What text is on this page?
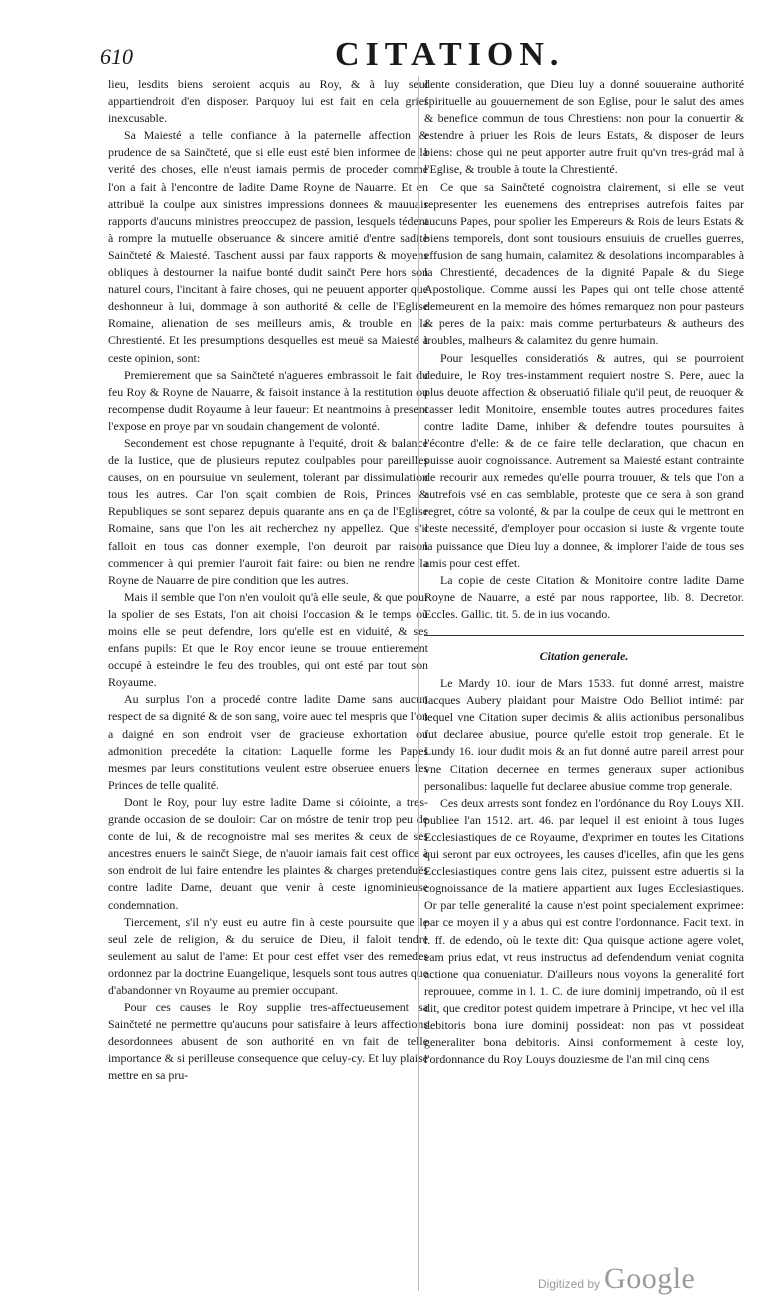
610	CITATION.

lieu, lesdits biens seroient acquis au Roy, & à luy seul appartiendroit d'en disposer. Parquoy lui est fait en cela grief inexcusable.

Sa Maiesté a telle confiance à la paternelle affection & prudence de sa Sainčteté, que si elle eust esté bien informee de la verité des choses, elle n'eust iamais permis de proceder comme l'on a fait à l'encontre de ladite Dame Royne de Nauarre. Et en attribuë la coulpe aux sinistres impressions donnees & mauuais rapports d'aucuns ministres preoccupez de passion, lesquels tédent à rompre la mutuelle obseruance & sincere amitié d'entre sadite Sainčteté & Maiesté. Taschent aussi par faux rapports & moyens obliques à destourner la naifue bonté dudit sainčt Pere hors son naturel cours, l'incitant à faire choses, qui ne peuuent apporter que deshonneur à lui, dommage à son authorité & celle de l'Eglise Romaine, alienation de ses meilleurs amis, & trouble en la Chrestienté. Et les presumptions desquelles est meuë sa Maiesté à ceste opinion, sont:

Premierement que sa Sainčteté n'agueres embrassoit le fait du feu Roy & Royne de Nauarre, & faisoit instance à la restitution ou recompense dudit Royaume à leur faueur: Et neantmoins à present l'expose en proye par vn soudain changement de volonté.

Secondement est chose repugnante à l'equité, droit & balance de la Iustice, que de plusieurs reputez coulpables pour pareilles causes, on en poursuiue vn seulement, tolerant par dissimulation tous les autres. Car l'on sçait combien de Rois, Princes & Republiques se sont separez depuis quarante ans en ça de l'Eglise Romaine, sans que l'on les ait recherchez ny appellez. Que s'il falloit en tous cas donner exemple, l'on deuroit par raison commencer à qui premier l'auroit fait faire: ou bien ne rendre la Royne de Nauarre de pire condition que les autres.

Mais il semble que l'on n'en vouloit qu'à elle seule, & que pour la spolier de ses Estats, l'on ait choisi l'occasion & le temps où moins elle se peut defendre, lors qu'elle est en viduité, & ses enfans pupils: Et que le Roy encor ieune se trouue entierement occupé à esteindre le feu des troubles, qui ont esté par tout son Royaume.

Au surplus l'on a procedé contre ladite Dame sans aucun respect de sa dignité & de son sang, voire auec tel mespris que l'on a daigné en son endroit vser de gracieuse exhortation ou admonition precedéte la citation: Laquelle forme les Papes mesmes par leurs constitutions veulent estre obseruee enuers les Princes de telle qualité.

Dont le Roy, pour luy estre ladite Dame si cóiointe, a tres-grande occasion de se douloir: Car on móstre de tenir trop peu de conte de lui, & de recognoistre mal ses merites & ceux de ses ancestres enuers le sainčt Siege, de n'auoir iamais fait cest office à son endroit de lui faire entendre les plaintes & charges pretenduës contre ladite Dame, deuant que venir à ceste ignominieuse condemnation.

Tiercement, s'il n'y eust eu autre fin à ceste poursuite que le seul zele de religion, & du seruice de Dieu, il faloit tendre seulement au salut de l'ame: Et pour cest effet vser des remedes ordonnez par la doctrine Euangelique, lesquels sont tous autres que d'abandonner vn Royaume au premier occupant.

Pour ces causes le Roy supplie tres-affectueusement sa Sainčteté ne permettre qu'aucuns pour satisfaire à leurs affections desordonnees abusent de son authorité en vn fait de telle importance & si perilleuse consequence que celuy-cy. Et luy plaise mettre en sa pru-

dente consideration, que Dieu luy a donné souueraine authorité spirituelle au gouuernement de son Eglise, pour le salut des ames & benefice commun de tous Chrestiens: non pour la conuertir & estendre à priuer les Rois de leurs Estats, & disposer de leurs biens: chose qui ne peut apporter autre fruit qu'vn tres-grád mal à l'Eglise, & trouble à toute la Chrestienté.

Ce que sa Sainčteté cognoistra clairement, si elle se veut representer les euenemens des entreprises autrefois faites par aucuns Papes, pour spolier les Empereurs & Rois de leurs Estats & biens temporels, dont sont tousiours ensuiuis de cruelles guerres, effusion de sang humain, calamitez & desolations incomparables à la Chrestienté, decadences de la dignité Papale & du Siege Apostolique. Comme aussi les Papes qui ont telle chose attenté demeurent en la memoire des hómes remarquez non pour pasteurs & peres de la paix: mais comme perturbateurs & autheurs des troubles, malheurs & calamitez du genre humain.

Pour lesquelles consideratiós & autres, qui se pourroient deduire, le Roy tres-instamment requiert nostre S. Pere, auec la plus deuote affection & obseruatió filiale qu'il peut, de reuoquer & casser ledit Monitoire, ensemble toutes autres procedures faites contre ladite Dame, inhiber & defendre toutes poursuites à l'écontre d'elle: & de ce faire telle declaration, que chacun en puisse auoir cognoissance. Autrement sa Maiesté estant contrainte de recourir aux remedes qu'elle pourra trouuer, & tels que l'on a autrefois vsé en cas semblable, proteste que ce sera à son grand regret, cótre sa volonté, & par la coulpe de ceux qui le mettront en ceste necessité, d'employer pour occasion si iuste & vrgente toute la puissance que Dieu luy a donnee, & implorer l'aide de tous ses amis pour cest effet.

La copie de ceste Citation & Monitoire contre ladite Dame Royne de Nauarre, a esté par nous rapportee, lib. 8. Decretor. Eccles. Gallic. tit. 5. de in ius vocando.

Citation generale.

Le Mardy 10. iour de Mars 1533. fut donné arrest, maistre Iacques Aubery plaidant pour Maistre Odo Belliot intimé: par lequel vne Citation super decimis & aliis actionibus personalibus fut declaree abusiue, pource qu'elle estoit trop generale. Et le Lundy 16. iour dudit mois & an fut donné autre pareil arrest pour vne Citation decernee en termes generaux super actionibus personalibus: laquelle fut declaree abusiue comme trop generale.

Ces deux arrests sont fondez en l'ordónance du Roy Louys XII. publiee l'an 1512. art. 46. par lequel il est enioint à tous Iuges Ecclesiastiques de ce Royaume, d'exprimer en toutes les Citations qui seront par eux octroyees, les causes d'icelles, afin que les gens Ecclesiastiques contre gens lais citez, puissent estre aduertis si la cognoissance de la matiere appartient aux Iuges Ecclesiastiques. Or par telle generalité la cause n'est point specialement exprimee: par ce moyen il y a abus qui est contre l'ordonnance. Facit text. in l. ff. de edendo, où le texte dit: Qua quisque actione agere volet, eam prius edat, vt reus instructus ad defendendum veniat cognita actione qua conueniatur. D'ailleurs nous voyons la generalité fort reprouuee, comme in l. 1. C. de iure dominij impetrando, où il est dit, que creditor potest quidem impetrare à Principe, vt hec vel illa debitoris bona iure dominij possideat: non pas vt possideat generaliter bona debitoris. Ainsi conformement à ceste loy, l'ordonnance du Roy Louys douziesme de l'an mil cinq cens

Digitized by Google
